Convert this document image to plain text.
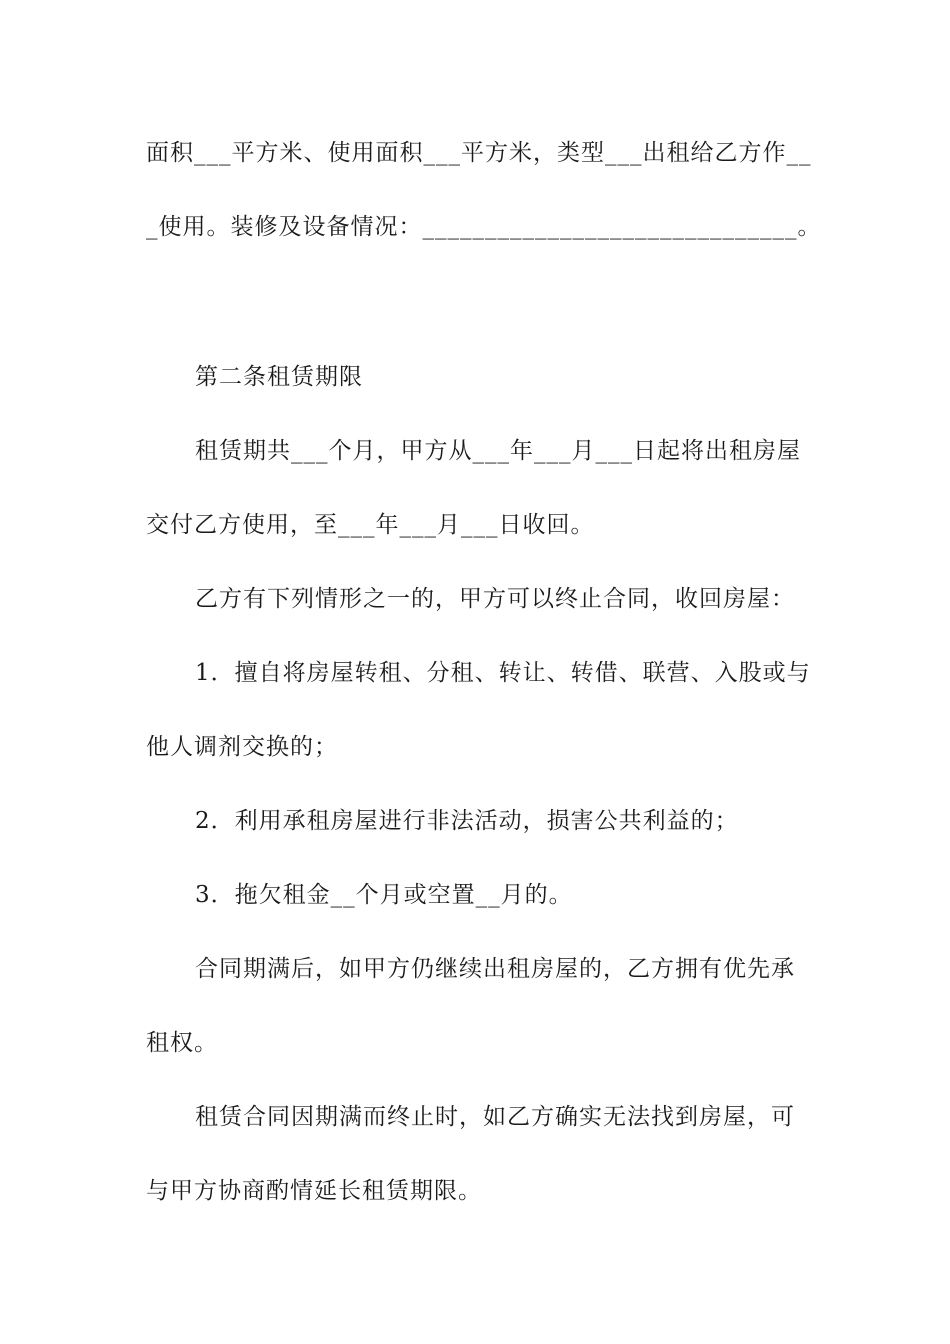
面积___平方米、使用面积___平方米，类型___出租给乙方作__
_使用。装修及设备情况：______________________________。
第二条租赁期限
租赁期共___个月，甲方从___年___月___日起将出租房屋
交付乙方使用，至___年___月___日收回。
乙方有下列情形之一的，甲方可以终止合同，收回房屋：
1．擅自将房屋转租、分租、转让、转借、联营、入股或与
他人调剂交换的；
2．利用承租房屋进行非法活动，损害公共利益的；
3．拖欠租金__个月或空置__月的。
合同期满后，如甲方仍继续出租房屋的，乙方拥有优先承
租权。
租赁合同因期满而终止时，如乙方确实无法找到房屋，可
与甲方协商酌情延长租赁期限。
